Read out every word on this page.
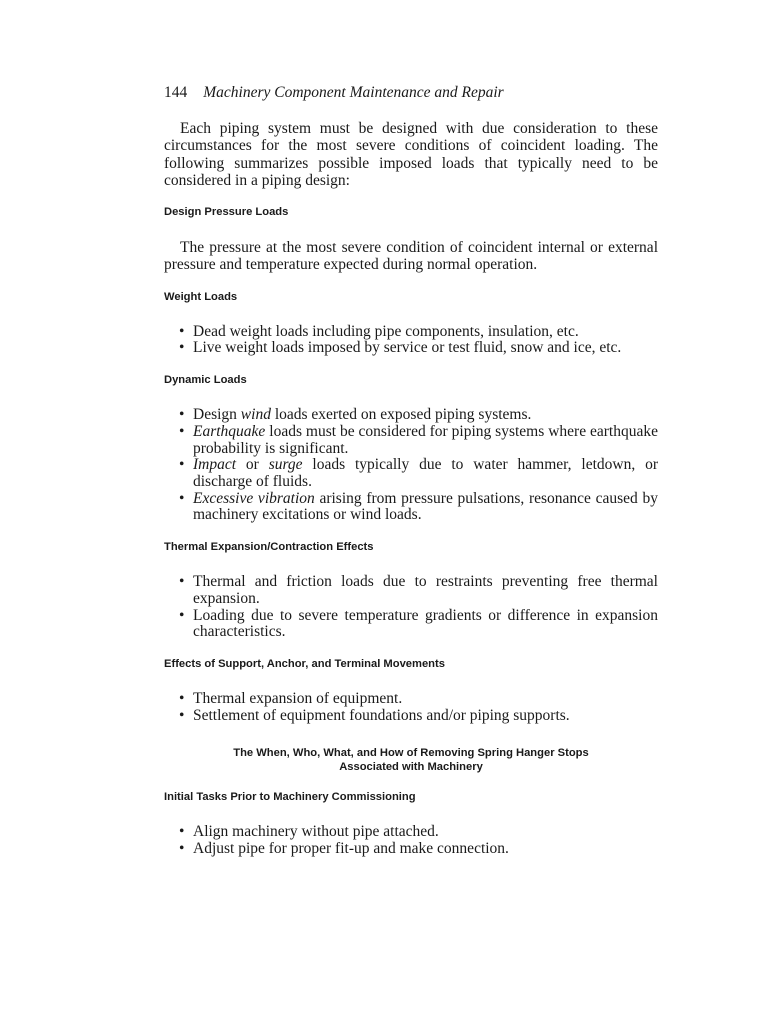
144 Machinery Component Maintenance and Repair

Each piping system must be designed with due consideration to these circumstances for the most severe conditions of coincident loading. The following summarizes possible imposed loads that typically need to be considered in a piping design:

Design Pressure Loads

The pressure at the most severe condition of coincident internal or external pressure and temperature expected during normal operation.

Weight Loads
• Dead weight loads including pipe components, insulation, etc.
• Live weight loads imposed by service or test fluid, snow and ice, etc.
Dynamic Loads
• Design wind loads exerted on exposed piping systems.
• Earthquake loads must be considered for piping systems where earthquake probability is significant.
• Impact or surge loads typically due to water hammer, letdown, or discharge of fluids.
• Excessive vibration arising from pressure pulsations, resonance caused by machinery excitations or wind loads.
Thermal Expansion/Contraction Effects
• Thermal and friction loads due to restraints preventing free thermal expansion.
• Loading due to severe temperature gradients or difference in expansion characteristics.
Effects of Support, Anchor, and Terminal Movements
• Thermal expansion of equipment.
• Settlement of equipment foundations and/or piping supports.
The When, Who, What, and How of Removing Spring Hanger Stops
Associated with Machinery
Initial Tasks Prior to Machinery Commissioning
• Align machinery without pipe attached.
• Adjust pipe for proper fit-up and make connection.
